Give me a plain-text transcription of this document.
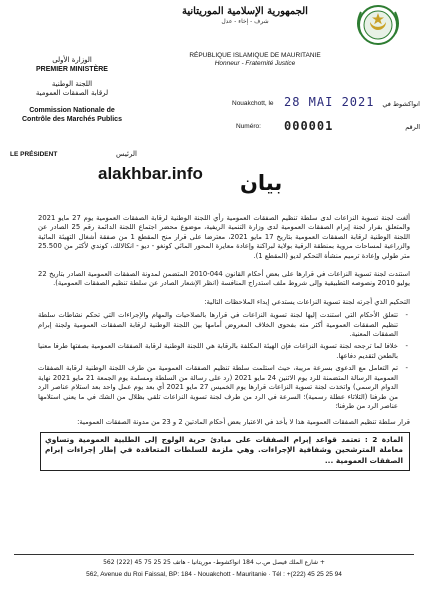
الجمهورية الإسلامية الموريتانية
شرف - إخاء - عدل
RÉPUBLIQUE ISLAMIQUE DE MAURITANIE
Honneur - Fraternité Justice
الوزارة الأولى
PREMIER MINISTÈRE
اللجنة الوطنية
لرقابة الصفقات العمومية
Commission Nationale de
Contrôle des Marchés Publics
LE PRÉSIDENT	الرئيس
Nouakchott, le 28 MAI 2021 انواكشوط في
Numéro: 000001	الرقم
alakhbar.info بيان

ألغت لجنة تسوية النزاعات لدى سلطة تنظيم الصفقات العمومية رأي اللجنة الوطنية لرقابة الصفقات العمومية يوم 27 مايو 2021 والمتعلق بقرار لجنة إبرام الصفقات العمومية لدى وزارة التنمية الريفية، موضوع محضر اجتماع اللجنة الدائمة رقم 25 الصادر عن اللجنة الوطنية لرقابة الصفقات العمومية بتاريخ 17 مايو 2021، معترضا على قرار منح المقطع 1 من صفقة أشغال التهيئة المائية والزراعية لمساحات مروية بمنطقة الرقية بولاية لبراكنة وإعادة معايرة المحور المائي كونغو - ديو - انكالالك، كوندي لأكثر من 25.500 متر طولي وإعادة ترميم منشأة التحكم لديو (المقطع 1).

استندت لجنة تسوية النزاعات في قرارها على بعض أحكام القانون 044-2010 المتضمن لمدونة الصفقات العمومية الصادر بتاريخ 22 يوليو 2010 ونصوصه التطبيقية وإلى شروط ملف استدراج المنافسة (انظر الإشعار الصادر عن سلطة تنظيم الصفقات العمومية).

التحكيم الذي أجرته لجنة تسوية النزاعات يستدعي إبداء الملاحظات التالية:

- تتعلق الأحكام التي استندت إليها لجنة تسوية النزاعات في قرارها بالصلاحيات والمهام والإجراءات التي تحكم نشاطات سلطة تنظيم الصفقات العمومية أكثر منه بفحوى الخلاف المعروض أمامها بين اللجنة الوطنية لرقابة الصفقات العمومية ولجنة إبرام الصفقات المعنية.
- خلافا لما ترجحه لجنة تسوية النزاعات فإن الهيئة المكلفة بالرقابة هي اللجنة الوطنية لرقابة الصفقات العمومية بصفتها طرفا معنيا بالطعن لتقديم دفاعها.
- تم التعامل مع الدعوى بسرعة مريبة، حيث استلمت سلطة تنظيم الصفقات العمومية من طرف اللجنة الوطنية لرقابة الصفقات العمومية الرسالة المتضمنة للرد يوم الاثنين 24 مايو 2021 (رد على رسالة من السلطة ومسلمة يوم الجمعة 21 مايو 2021 نهاية الدوام الرسمي) واتخذت لجنة تسوية النزاعات قرارها يوم الخميس 27 مايو 2021 أي بعد يوم عمل واحد بعد استلام عناصر الرد من طرفنا (الثلاثاء عطلة رسمية)؛ السرعة في الرد من طرف لجنة تسوية النزاعات تلقي بظلال من الشك في ما يعني استلامها عناصر الرد من طرفنا؛

قرار سلطة تنظيم الصفقات العمومية هذا لا يأخذ في الاعتبار بعض أحكام المادتين 2 و 23 من مدونة الصفقات العمومية:

المادة 2 : تعتمد قواعد إبرام الصفقات على مبادئ حرية الولوج إلى الطلبية العمومية وتساوي معاملة المترشحين وشفافية الإجراءات. وهي ملزمة للسلطات المتعاقدة في إطار إجراءات إبرام الصفقات العمومية ...
562 شارع الملك فيصل ص.ب 184 انواكشوط- موريتانيا - هاتف 25 25 75 45 (222) +
562, Avenue du Roi Faissal, BP: 184 - Nouakchott - Mauritanie · Tél : +(222) 45 25 25 94
